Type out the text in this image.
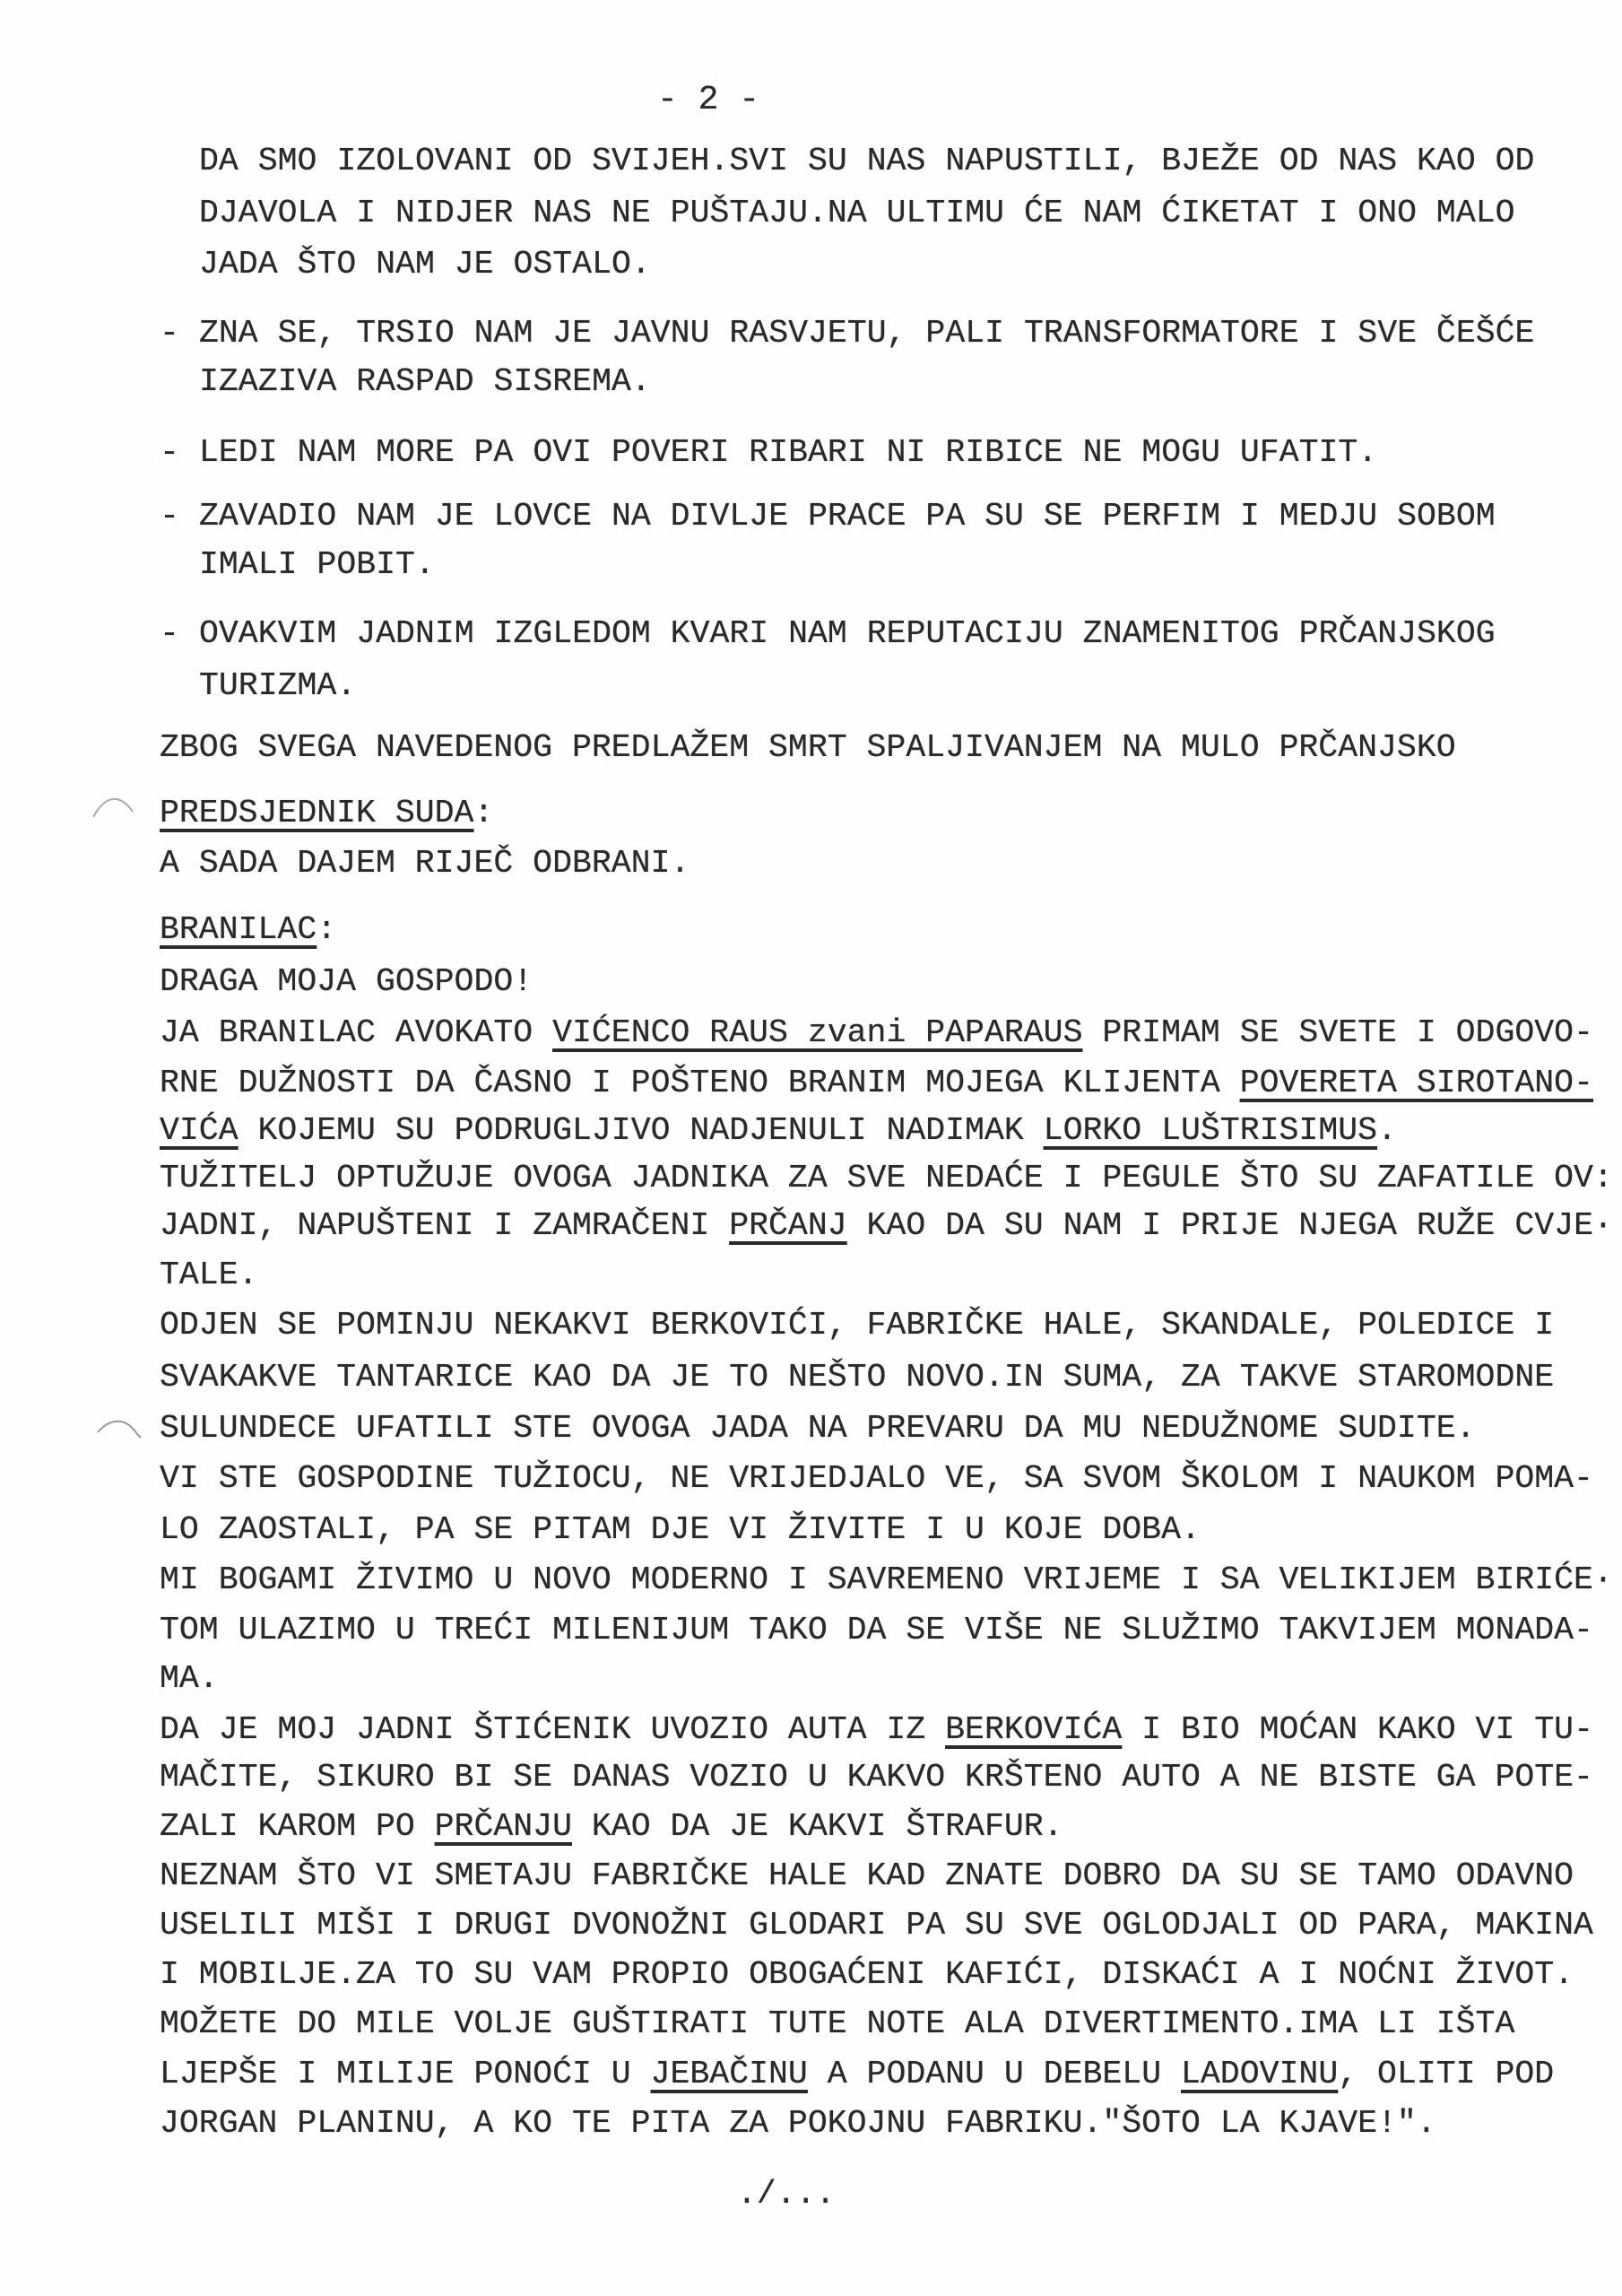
- 2 -
DA SMO IZOLOVANI OD SVIJEH.SVI SU NAS NAPUSTILI, BJEŽE OD NAS KAO OD
DJAVOLA I NIDJER NAS NE PUŠTAJU.NA ULTIMU ĆE NAM ĆIKETAT I ONO MALO
JADA ŠTO NAM JE OSTALO.
ZNA SE, TRSIO NAM JE JAVNU RASVJETU, PALI TRANSFORMATORE I SVE ČEŠĆE
IZAZIVA RASPAD SISREMA.
LEDI NAM MORE PA OVI POVERI RIBARI NI RIBICE NE MOGU UFATIT.
ZAVADIO NAM JE LOVCE NA DIVLJE PRACE PA SU SE PERFIM I MEDJU SOBOM
IMALI POBIT.
OVAKVIM JADNIM IZGLEDOM KVARI NAM REPUTACIJU ZNAMENITOG PRČANJSKOG
TURIZMA.
ZBOG SVEGA NAVEDENOG PREDLAŽEM SMRT SPALJIVANJEM NA MULO PRČANJSKO
PREDSJEDNIK SUDA:
A SADA DAJEM RIJEČ ODBRANI.
BRANILAC:
DRAGA MOJA GOSPODO!
JA BRANILAC AVOKATO VIĆENCO RAUS zvani PAPARAUS PRIMAM SE SVETE I ODGOVO-
RNE DUŽNOSTI DA ČASNO I POŠTENO BRANIM MOJEGA KLIJENTA POVERETA SIROTANO-
VIĆA KOJEMU SU PODRUGLJIVO NADJENULI NADIMAK LORKO LUŠTRISIMUS.
TUŽITELJ OPTUŽUJE OVOGA JADNIKA ZA SVE NEDAĆE I PEGULE ŠTO SU ZAFATILE OV:
JADNI, NAPUŠTENI I ZAMRAČENI PRČANJ KAO DA SU NAM I PRIJE NJEGA RUŽE CVJE·
TALE.
ODJEN SE POMINJU NEKAKVI BERKOVIĆI, FABRIČKE HALE, SKANDALE, POLEDICE I
SVAKAKVE TANTARICE KAO DA JE TO NEŠTO NOVO.IN SUMA, ZA TAKVE STAROMODNE
SULUNDECE UFATILI STE OVOGA JADA NA PREVARU DA MU NEDUŽNOME SUDITE.
VI STE GOSPODINE TUŽIOCU, NE VRIJEDJALO VE, SA SVOM ŠKOLOM I NAUKOM POMA-
LO ZAOSTALI, PA SE PITAM DJE VI ŽIVITE I U KOJE DOBA.
MI BOGAMI ŽIVIMO U NOVO MODERNO I SAVREMENO VRIJEME I SA VELIKIJEM BIRIĆE·
TOM ULAZIMO U TREĆI MILENIJUM TAKO DA SE VIŠE NE SLUŽIMO TAKVIJEM MONADA-
MA.
DA JE MOJ JADNI ŠTIĆENIK UVOZIO AUTA IZ BERKOVIĆA I BIO MOĆAN KAKO VI TU-
MAČITE, SIKURO BI SE DANAS VOZIO U KAKVO KRŠTENO AUTO A NE BISTE GA POTE-
ZALI KAROM PO PRČANJU KAO DA JE KAKVI ŠTRAFUR.
NEZNAM ŠTO VI SMETAJU FABRIČKE HALE KAD ZNATE DOBRO DA SU SE TAMO ODAVNO
USELILI MIŠI I DRUGI DVONOŽNI GLODARI PA SU SVE OGLODJALI OD PARA, MAKINA
I MOBILJE.ZA TO SU VAM PROPIO OBOGAĆENI KAFIĆI, DISKAĆI A I NOĆNI ŽIVOT.
MOŽETE DO MILE VOLJE GUŠTIRATI TUTE NOTE ALA DIVERTIMENTO.IMA LI IŠTA
LJEPŠE I MILIJE PONOĆI U JEBAČINU A PODANU U DEBELU LADOVINU, OLITI POD
JORGAN PLANINU, A KO TE PITA ZA POKOJNU FABRIKU."ŠOTO LA KJAVE!".
-
-
-
-
./...
